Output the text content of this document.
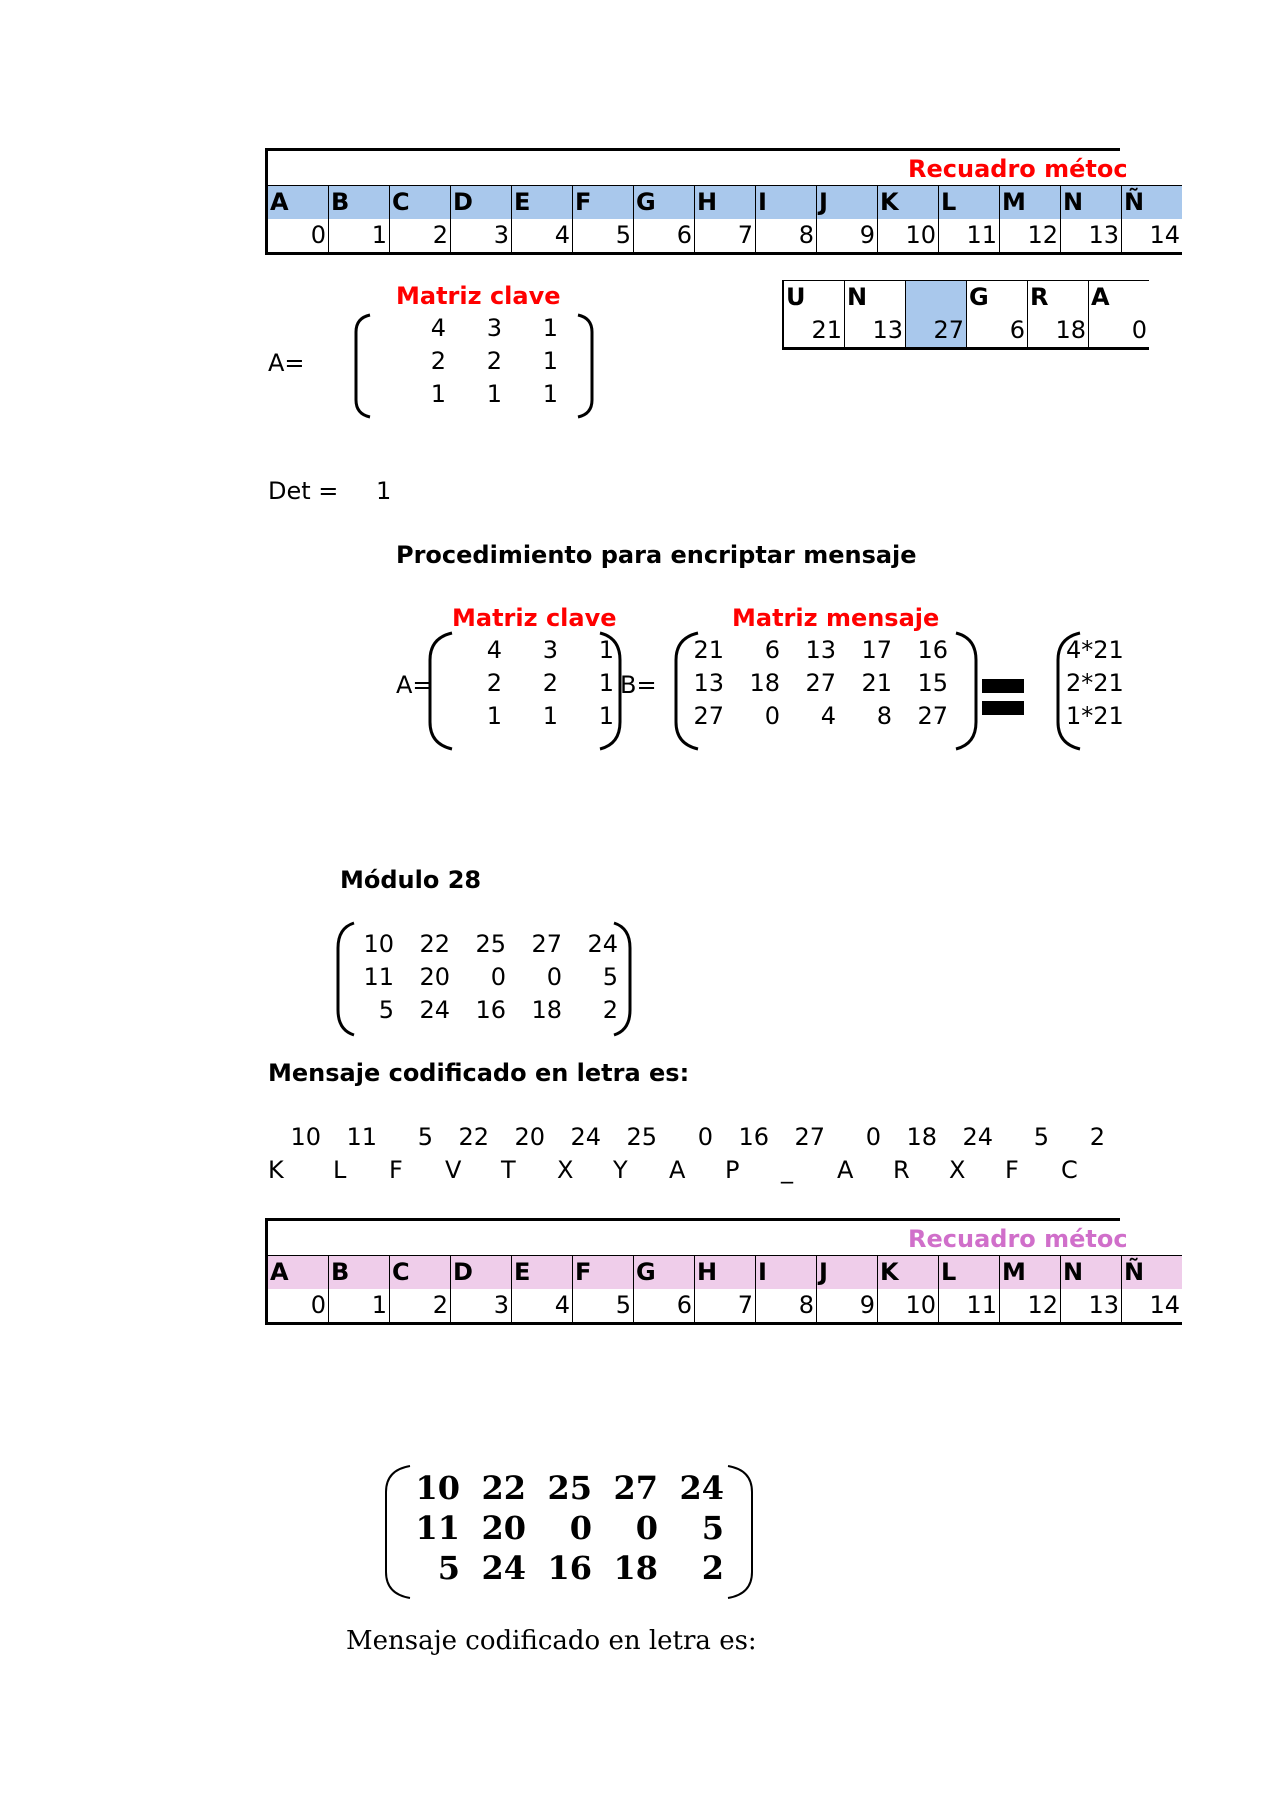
Recuadro métoc
A	B	C	D	E	F	G	H	I	J	K	L	M	N	Ñ
0	1	2	3	4	5	6	7	8	9	10	11	12	13	14
Matriz clave
A=
4	3	1
2	2	1
1	1	1
U	N		G	R	A
21	13	27	6	18	0
Det = 1
Procedimiento para encriptar mensaje
Matriz clave	Matriz mensaje
A=
4	3	1
2	2	1
1	1	1
B=
21	6	13	17	16
13	18	27	21	15
27	0	4	8	27
4*21
2*21
1*21
Módulo 28
10	22	25	27	24
11	20	0	0	5
5	24	16	18	2
Mensaje codificado en letra es:
10 11 5 22 20 24 25 0 16 27 0 18 24 5 2
K L F V T X Y A P _ A R X F C
Recuadro métoc
A	B	C	D	E	F	G	H	I	J	K	L	M	N	Ñ
0	1	2	3	4	5	6	7	8	9	10	11	12	13	14
10 22 25 27 24
11 20	0	0	5
5 24 16 18	2
Mensaje codificado en letra es:
